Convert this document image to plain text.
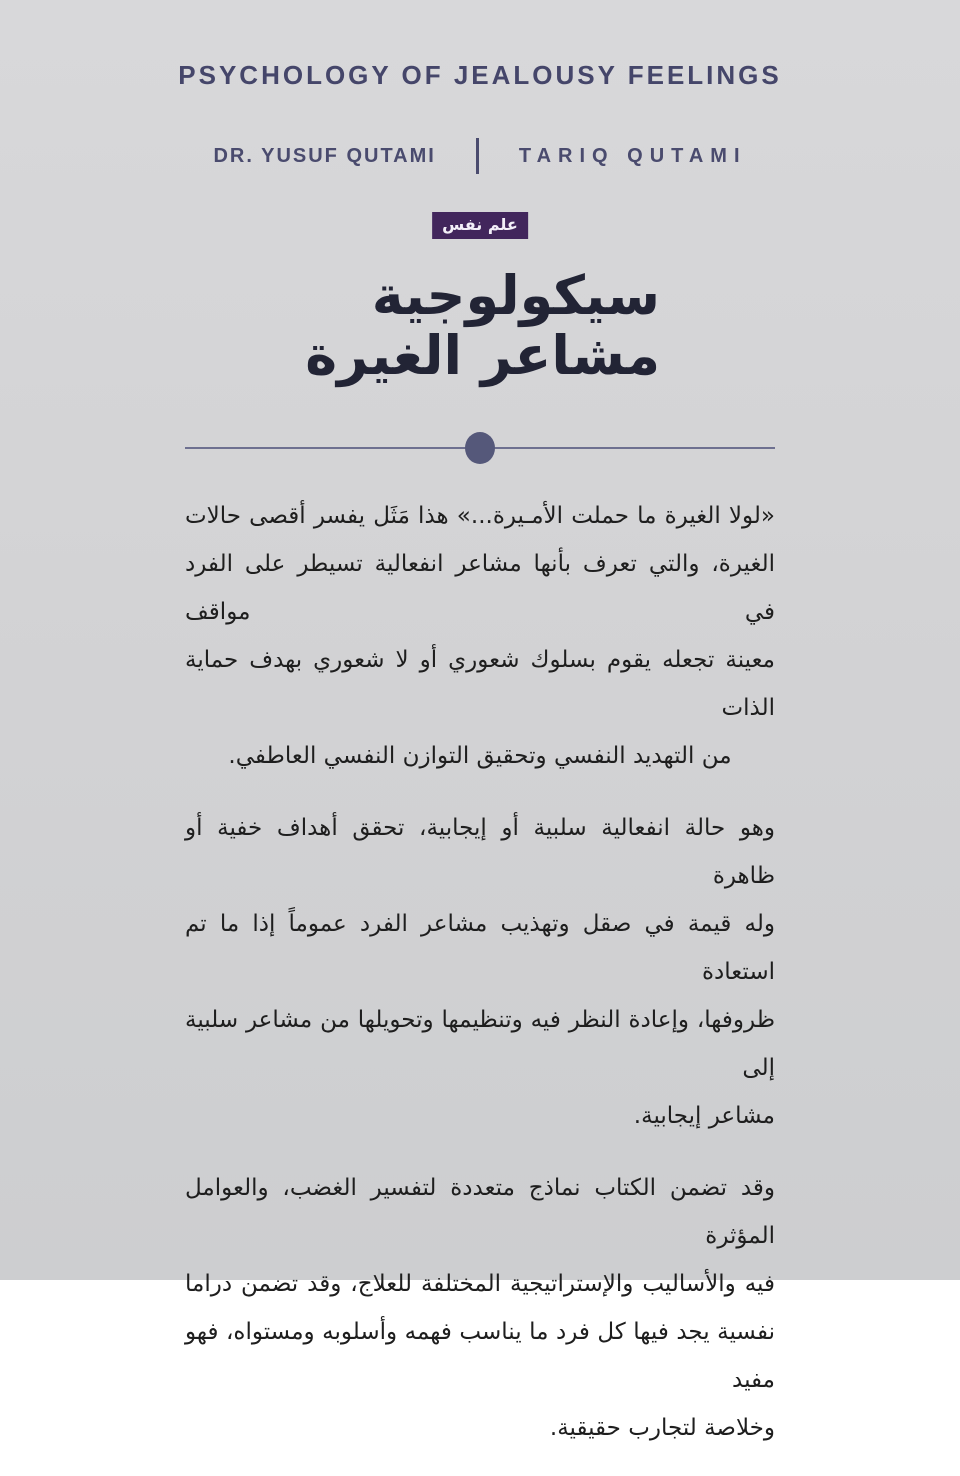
PSYCHOLOGY OF JEALOUSY FEELINGS
DR. YUSUF QUTAMI	TARIQ QUTAMI
علم نفس
سيكولوجية
مشاعر الغيرة
«لولا الغيرة ما حملت الأمـيرة...» هذا مَثَل يفسر أقصى حالات
الغيرة، والتي تعرف بأنها مشاعر انفعالية تسيطر على الفرد في مواقف
معينة تجعله يقوم بسلوك شعوري أو لا شعوري بهدف حماية الذات
من التهديد النفسي وتحقيق التوازن النفسي العاطفي.
وهو حالة انفعالية سلبية أو إيجابية، تحقق أهداف خفية أو ظاهرة
وله قيمة في صقل وتهذيب مشاعر الفرد عموماً إذا ما تم استعادة
ظروفها، وإعادة النظر فيه وتنظيمها وتحويلها من مشاعر سلبية إلى
مشاعر إيجابية.
وقد تضمن الكتاب نماذج متعددة لتفسير الغضب، والعوامل المؤثرة
فيه والأساليب والإستراتيجية المختلفة للعلاج، وقد تضمن دراما
نفسية يجد فيها كل فرد ما يناسب فهمه وأسلوبه ومستواه، فهو مفيد
وخلاصة لتجارب حقيقية.
